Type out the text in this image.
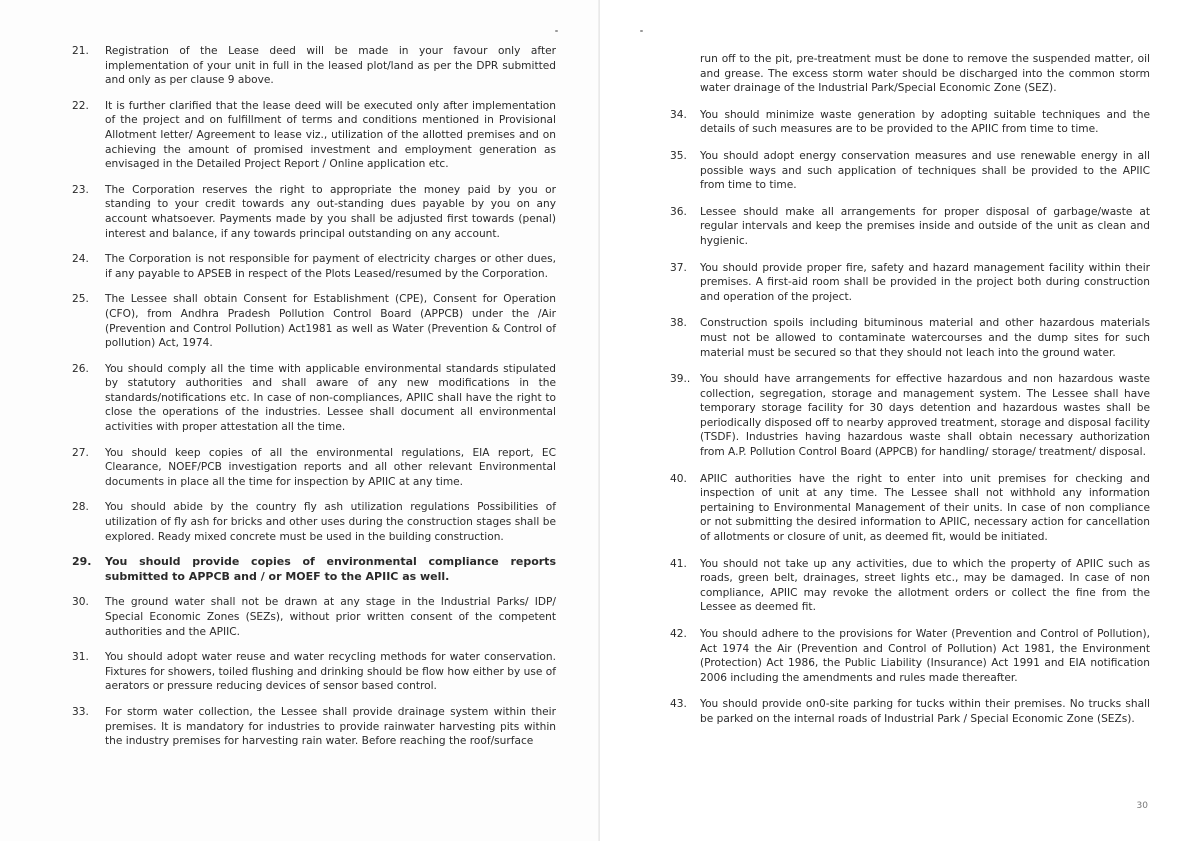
21.	Registration of the Lease deed will be made in your favour only after implementation of your unit in full in the leased plot/land as per the DPR submitted and only as per clause 9 above.
22.	It is further clarified that the lease deed will be executed only after implementation of the project and on fulfillment of terms and conditions mentioned in Provisional Allotment letter/ Agreement to lease viz., utilization of the allotted premises and on achieving the amount of promised investment and employment generation as envisaged in the Detailed Project Report / Online application etc.
23.	The Corporation reserves the right to appropriate the money paid by you or standing to your credit towards any out-standing dues payable by you on any account whatsoever. Payments made by you shall be adjusted first towards (penal) interest and balance, if any towards principal outstanding on any account.
24.	The Corporation is not responsible for payment of electricity charges or other dues, if any payable to APSEB in respect of the Plots Leased/resumed by the Corporation.
25.	The Lessee shall obtain Consent for Establishment (CPE), Consent for Operation (CFO), from Andhra Pradesh Pollution Control Board (APPCB) under the /Air (Prevention and Control Pollution) Act1981 as well as Water (Prevention & Control of pollution) Act, 1974.
26.	You should comply all the time with applicable environmental standards stipulated by statutory authorities and shall aware of any new modifications in the standards/notifications etc. In case of non-compliances, APIIC shall have the right to close the operations of the industries. Lessee shall document all environmental activities with proper attestation all the time.
27.	You should keep copies of all the environmental regulations, EIA report, EC Clearance, NOEF/PCB investigation reports and all other relevant Environmental documents in place all the time for inspection by APIIC at any time.
28.	You should abide by the country fly ash utilization regulations Possibilities of utilization of fly ash for bricks and other uses during the construction stages shall be explored. Ready mixed concrete must be used in the building construction.
29.	You should provide copies of environmental compliance reports submitted to APPCB and / or MOEF to the APIIC as well.
30.	The ground water shall not be drawn at any stage in the Industrial Parks/ IDP/ Special Economic Zones (SEZs), without prior written consent of the competent authorities and the APIIC.
31.	You should adopt water reuse and water recycling methods for water conservation. Fixtures for showers, toiled flushing and drinking should be flow how either by use of aerators or pressure reducing devices of sensor based control.
33.	For storm water collection, the Lessee shall provide drainage system within their premises. It is mandatory for industries to provide rainwater harvesting pits within the industry premises for harvesting rain water. Before reaching the roof/surface
run off to the pit, pre-treatment must be done to remove the suspended matter, oil and grease. The excess storm water should be discharged into the common storm water drainage of the Industrial Park/Special Economic Zone (SEZ).
34.	You should minimize waste generation by adopting suitable techniques and the details of such measures are to be provided to the APIIC from time to time.
35.	You should adopt energy conservation measures and use renewable energy in all possible ways and such application of techniques shall be provided to the APIIC from time to time.
36.	Lessee should make all arrangements for proper disposal of garbage/waste at regular intervals and keep the premises inside and outside of the unit as clean and hygienic.
37.	You should provide proper fire, safety and hazard management facility within their premises. A first-aid room shall be provided in the project both during construction and operation of the project.
38.	Construction spoils including bituminous material and other hazardous materials must not be allowed to contaminate watercourses and the dump sites for such material must be secured so that they should not leach into the ground water.
39.. You should have arrangements for effective hazardous and non hazardous waste collection, segregation, storage and management system. The Lessee shall have temporary storage facility for 30 days detention and hazardous wastes shall be periodically disposed off to nearby approved treatment, storage and disposal facility (TSDF). Industries having hazardous waste shall obtain necessary authorization from A.P. Pollution Control Board (APPCB) for handling/ storage/ treatment/ disposal.
40.	APIIC authorities have the right to enter into unit premises for checking and inspection of unit at any time. The Lessee shall not withhold any information pertaining to Environmental Management of their units. In case of non compliance or not submitting the desired information to APIIC, necessary action for cancellation of allotments or closure of unit, as deemed fit, would be initiated.
41.	You should not take up any activities, due to which the property of APIIC such as roads, green belt, drainages, street lights etc., may be damaged. In case of non compliance, APIIC may revoke the allotment orders or collect the fine from the Lessee as deemed fit.
42.	You should adhere to the provisions for Water (Prevention and Control of Pollution), Act 1974 the Air (Prevention and Control of Pollution) Act 1981, the Environment (Protection) Act 1986, the Public Liability (Insurance) Act 1991 and EIA notification 2006 including the amendments and rules made thereafter.
43.	You should provide on0-site parking for tucks within their premises. No trucks shall be parked on the internal roads of Industrial Park / Special Economic Zone (SEZs).
30
